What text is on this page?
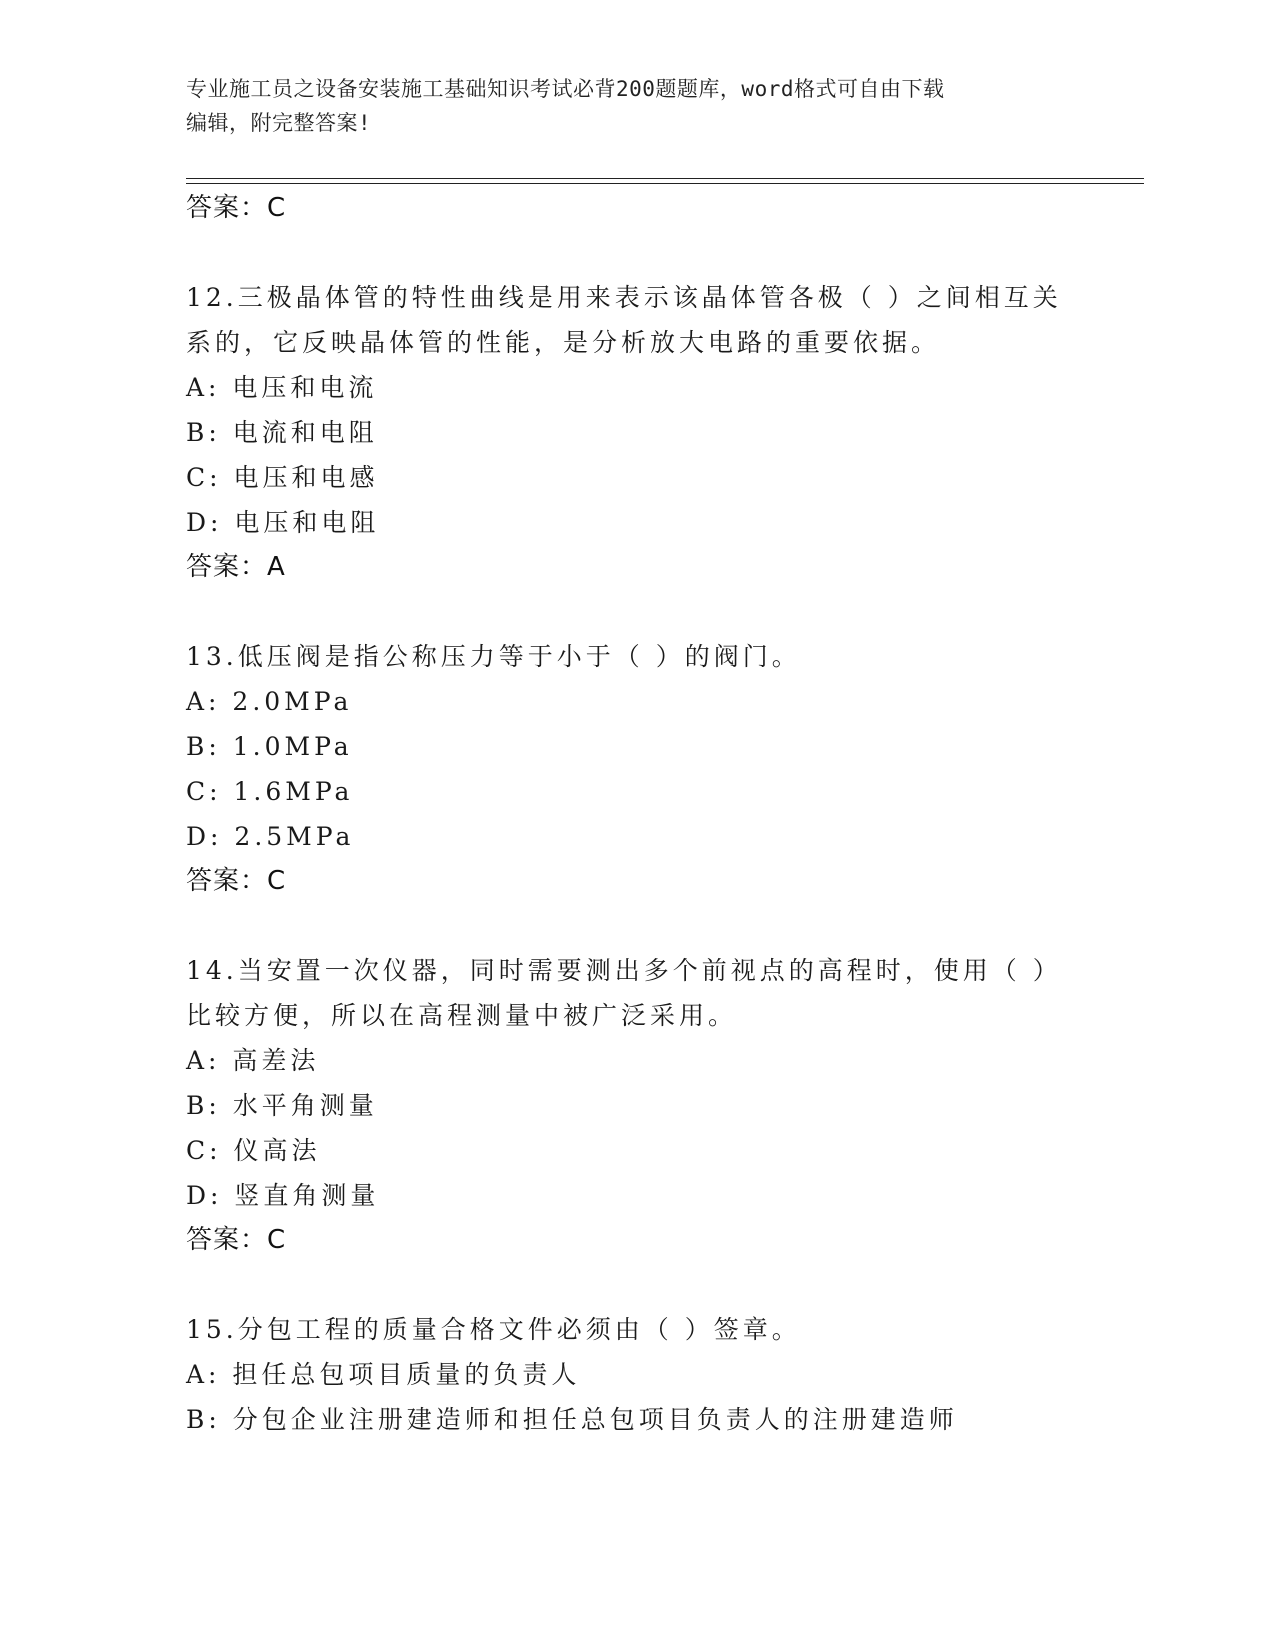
专业施工员之设备安装施工基础知识考试必背200题题库，word格式可自由下载
编辑，附完整答案!
答案：C
12.三极晶体管的特性曲线是用来表示该晶体管各极（ ）之间相互关
系的，它反映晶体管的性能，是分析放大电路的重要依据。
A: 电压和电流
B: 电流和电阻
C: 电压和电感
D: 电压和电阻
答案：A
13.低压阀是指公称压力等于小于（ ）的阀门。
A: 2.0MPa
B: 1.0MPa
C: 1.6MPa
D: 2.5MPa
答案：C
14.当安置一次仪器，同时需要测出多个前视点的高程时，使用（ ）
比较方便，所以在高程测量中被广泛采用。
A: 高差法
B: 水平角测量
C: 仪高法
D: 竖直角测量
答案：C
15.分包工程的质量合格文件必须由（ ）签章。
A: 担任总包项目质量的负责人
B: 分包企业注册建造师和担任总包项目负责人的注册建造师
